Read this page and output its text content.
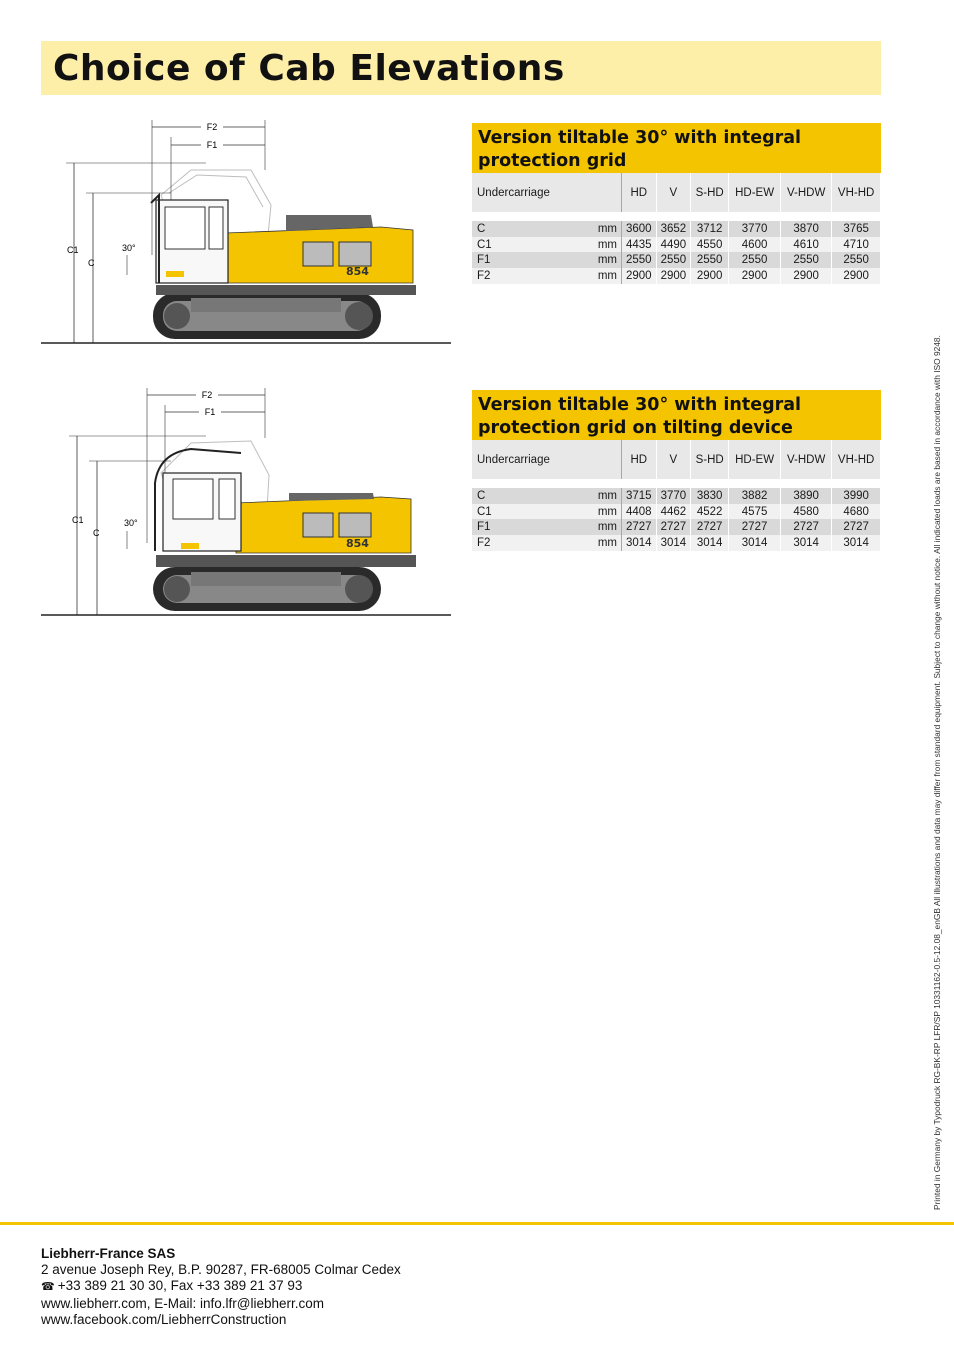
Choice of Cab Elevations
F2
F1
C1
C
30°
854
F2
F1
C1
C
30°
854
Version tiltable 30° with integral protection grid
Undercarriage		HD	V	S-HD	HD-EW	V-HDW	VH-HD

C	mm	3600	3652	3712	3770	3870	3765
C1	mm	4435	4490	4550	4600	4610	4710
F1	mm	2550	2550	2550	2550	2550	2550
F2	mm	2900	2900	2900	2900	2900	2900
Version tiltable 30° with integral protection grid on tilting device
Undercarriage		HD	V	S-HD	HD-EW	V-HDW	VH-HD

C	mm	3715	3770	3830	3882	3890	3990
C1	mm	4408	4462	4522	4575	4580	4680
F1	mm	2727	2727	2727	2727	2727	2727
F2	mm	3014	3014	3014	3014	3014	3014	Printed in Germany by Typodruck RG-BK-RP LFR/SP 10331162-0.5-12.08_enGB All illustrations and data may differ from standard equipment. Subject to change without notice. All indicated loads are based in accordance with ISO 9248.
Liebherr-France SAS
2 avenue Joseph Rey, B.P. 90287, FR-68005 Colmar Cedex
☎ +33 389 21 30 30, Fax +33 389 21 37 93
www.liebherr.com, E-Mail: info.lfr@liebherr.com
www.facebook.com/LiebherrConstruction
